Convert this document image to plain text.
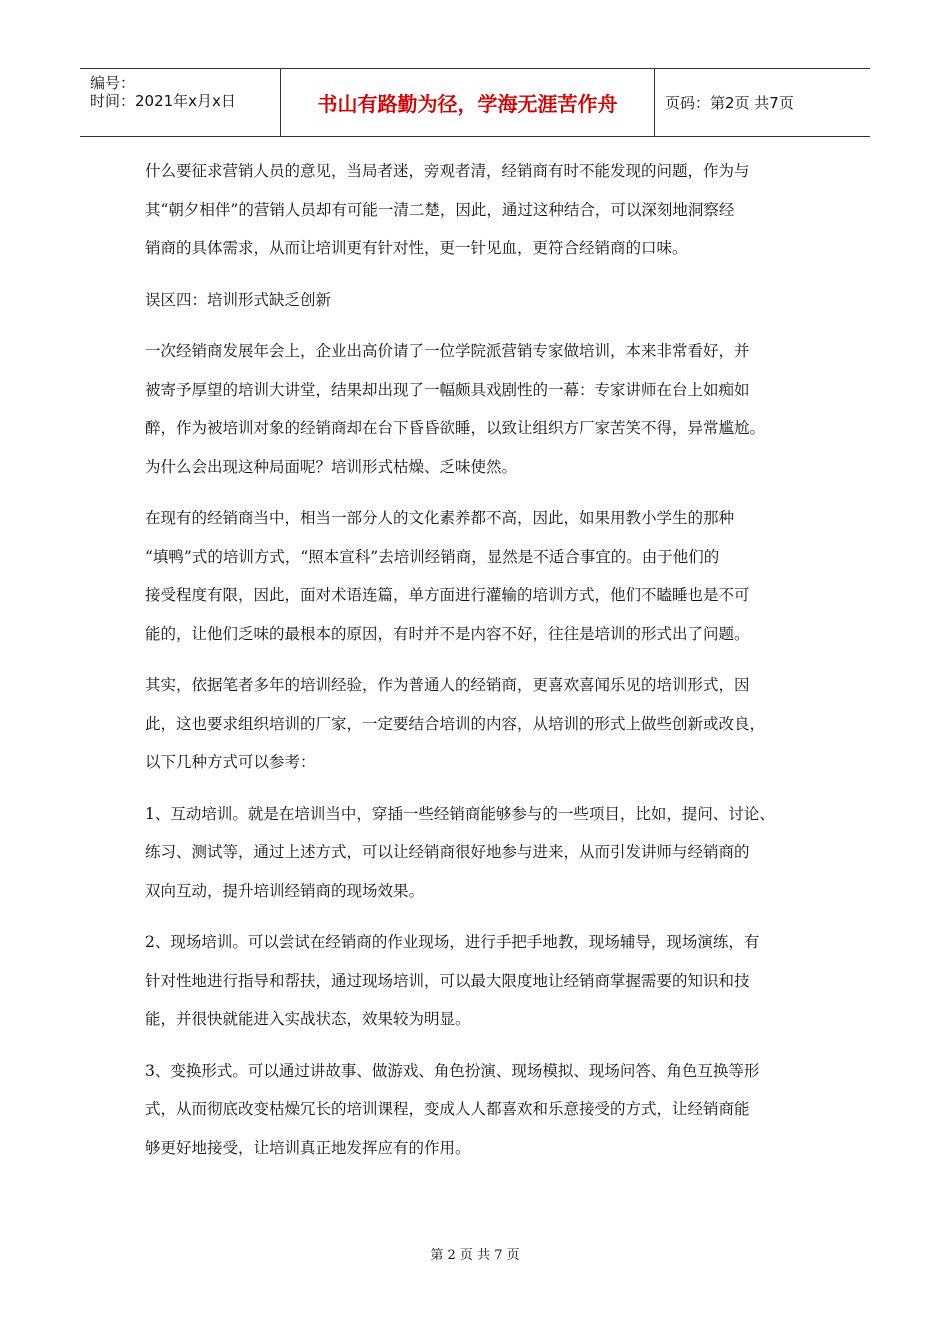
编号：
时间：2021年x月x日	书山有路勤为径，学海无涯苦作舟	页码：第2页 共7页
什么要征求营销人员的意见，当局者迷，旁观者清，经销商有时不能发现的问题，作为与
其“朝夕相伴”的营销人员却有可能一清二楚，因此，通过这种结合，可以深刻地洞察经
销商的具体需求，从而让培训更有针对性，更一针见血，更符合经销商的口味。
误区四：培训形式缺乏创新
一次经销商发展年会上，企业出高价请了一位学院派营销专家做培训，本来非常看好，并
被寄予厚望的培训大讲堂，结果却出现了一幅颇具戏剧性的一幕：专家讲师在台上如痴如
醉，作为被培训对象的经销商却在台下昏昏欲睡，以致让组织方厂家苦笑不得，异常尴尬。
为什么会出现这种局面呢？培训形式枯燥、乏味使然。
在现有的经销商当中，相当一部分人的文化素养都不高，因此，如果用教小学生的那种
“填鸭”式的培训方式，“照本宣科”去培训经销商，显然是不适合事宜的。由于他们的
接受程度有限，因此，面对术语连篇，单方面进行灌输的培训方式，他们不瞌睡也是不可
能的，让他们乏味的最根本的原因，有时并不是内容不好，往往是培训的形式出了问题。
其实，依据笔者多年的培训经验，作为普通人的经销商，更喜欢喜闻乐见的培训形式，因
此，这也要求组织培训的厂家，一定要结合培训的内容，从培训的形式上做些创新或改良，
以下几种方式可以参考：
1、互动培训。就是在培训当中，穿插一些经销商能够参与的一些项目，比如，提问、讨论、
练习、测试等，通过上述方式，可以让经销商很好地参与进来，从而引发讲师与经销商的
双向互动，提升培训经销商的现场效果。
2、现场培训。可以尝试在经销商的作业现场，进行手把手地教，现场辅导，现场演练，有
针对性地进行指导和帮扶，通过现场培训，可以最大限度地让经销商掌握需要的知识和技
能，并很快就能进入实战状态，效果较为明显。
3、变换形式。可以通过讲故事、做游戏、角色扮演、现场模拟、现场问答、角色互换等形
式，从而彻底改变枯燥冗长的培训课程，变成人人都喜欢和乐意接受的方式，让经销商能
够更好地接受，让培训真正地发挥应有的作用。
第 2 页 共 7 页
